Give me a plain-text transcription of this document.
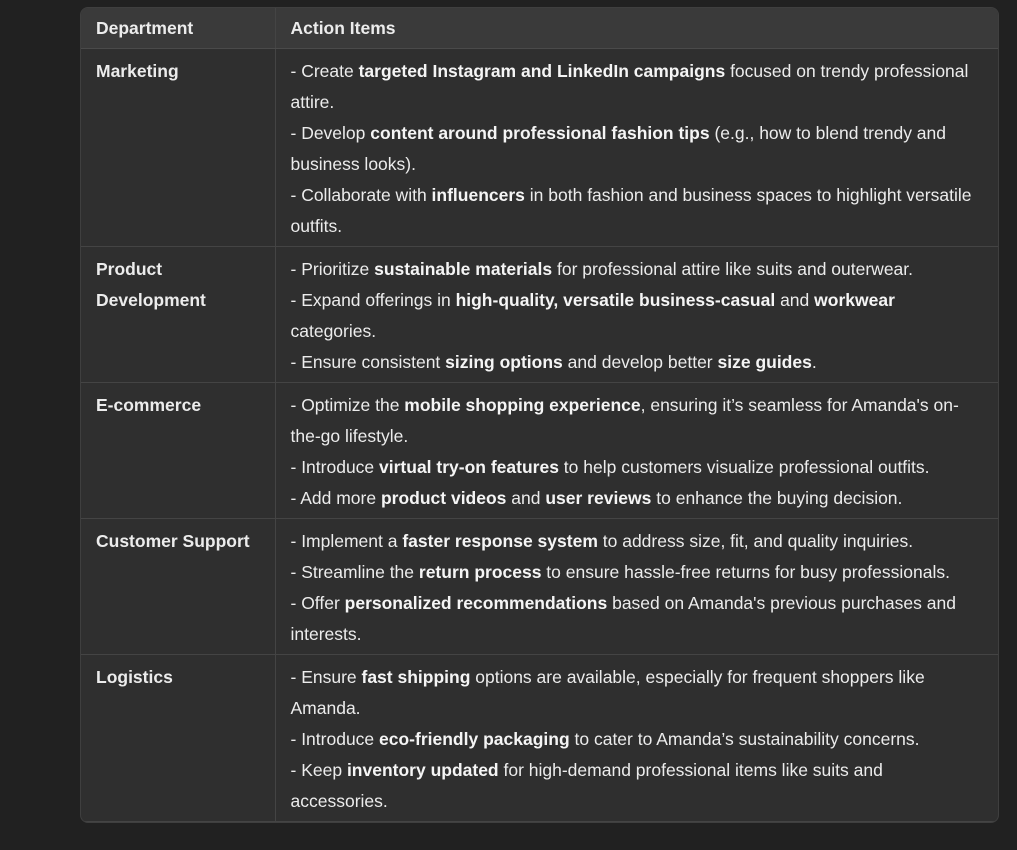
Department	Action Items
Marketing	- Create targeted Instagram and LinkedIn campaigns focused on trendy professional attire.
- Develop content around professional fashion tips (e.g., how to blend trendy and business looks).
- Collaborate with influencers in both fashion and business spaces to highlight versatile outfits.

Product Development	- Prioritize sustainable materials for professional attire like suits and outerwear.
- Expand offerings in high-quality, versatile business-casual and workwear categories.
- Ensure consistent sizing options and develop better size guides.

E-commerce	- Optimize the mobile shopping experience, ensuring it’s seamless for Amanda's on-the-go lifestyle.
- Introduce virtual try-on features to help customers visualize professional outfits.
- Add more product videos and user reviews to enhance the buying decision.

Customer Support	- Implement a faster response system to address size, fit, and quality inquiries.
- Streamline the return process to ensure hassle-free returns for busy professionals.
- Offer personalized recommendations based on Amanda's previous purchases and interests.

Logistics	- Ensure fast shipping options are available, especially for frequent shoppers like Amanda.
- Introduce eco-friendly packaging to cater to Amanda’s sustainability concerns.
- Keep inventory updated for high-demand professional items like suits and accessories.
